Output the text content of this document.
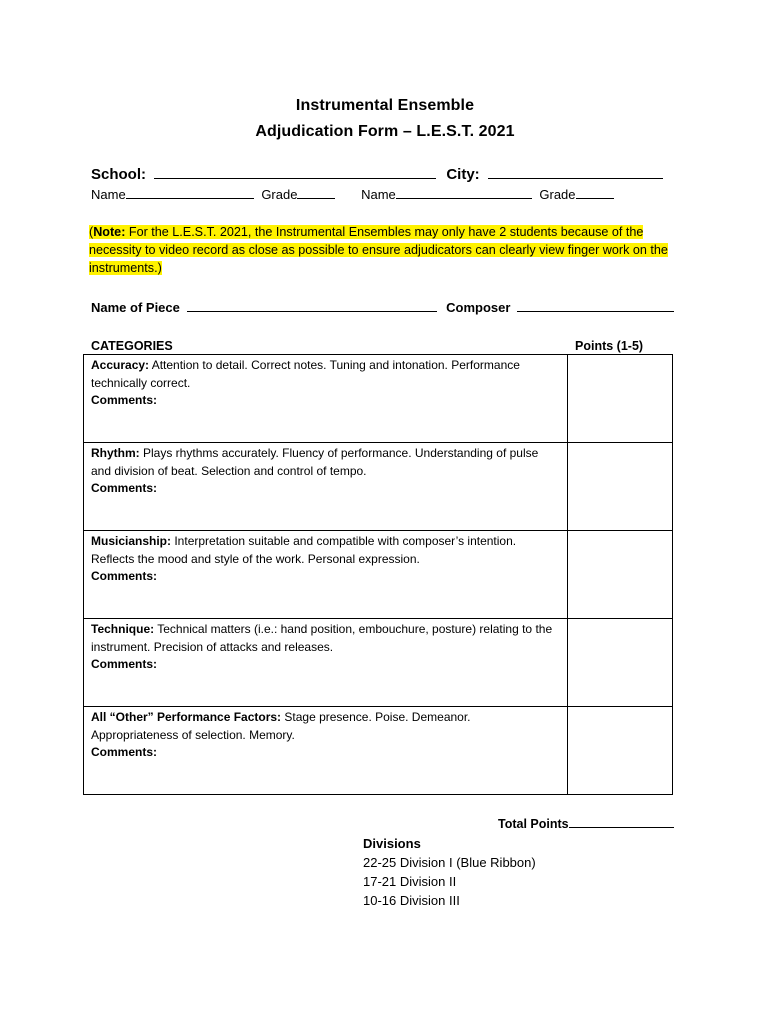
Instrumental Ensemble
Adjudication Form – L.E.S.T. 2021
School:	City:
Name	Grade	Name	Grade
(Note: For the L.E.S.T. 2021, the Instrumental Ensembles may only have 2 students because of the necessity to video record as close as possible to ensure adjudicators can clearly view finger work on the instruments.)
Name of Piece	Composer
CATEGORIES	Points (1-5)
Accuracy: Attention to detail. Correct notes. Tuning and intonation. Performance technically correct.
Comments:	
Rhythm: Plays rhythms accurately. Fluency of performance. Understanding of pulse and division of beat. Selection and control of tempo.
Comments:	
Musicianship: Interpretation suitable and compatible with composer’s intention. Reflects the mood and style of the work. Personal expression.
Comments:	
Technique: Technical matters (i.e.: hand position, embouchure, posture) relating to the instrument. Precision of attacks and releases.
Comments:	
All “Other” Performance Factors: Stage presence. Poise. Demeanor. Appropriateness of selection. Memory.
Comments:	
Total Points
Divisions
22-25 Division I (Blue Ribbon)
17-21 Division II
10-16 Division III
